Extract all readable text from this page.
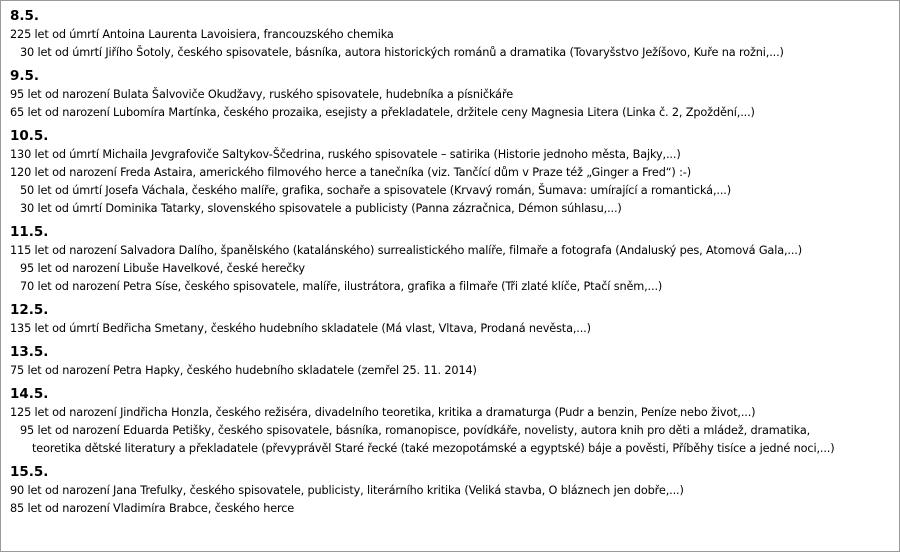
8.5.
225 let od úmrtí Antoina Laurenta Lavoisiera, francouzského chemika
30 let od úmrtí Jiřího Šotoly, českého spisovatele, básníka, autora historických románů a dramatika (Tovaryšstvo Ježíšovo, Kuře na rožni,...)
9.5.
95 let od narození Bulata Šalvoviče Okudžavy, ruského spisovatele, hudebníka a písničkáře
65 let od narození Lubomíra Martínka, českého prozaika, esejisty a překladatele, držitele ceny Magnesia Litera (Linka č. 2, Zpoždění,...)
10.5.
130 let od úmrtí Michaila Jevgrafoviče Saltykov-Ščedrina, ruského spisovatele – satirika (Historie jednoho města, Bajky,...)
120 let od narození Freda Astaira, amerického filmového herce a tanečníka (viz. Tančící dům v Praze též „Ginger a Fred“) :-)
50 let od úmrtí Josefa Váchala, českého malíře, grafika, sochaře a spisovatele (Krvavý román, Šumava: umírající a romantická,...)
30 let od úmrtí Dominika Tatarky, slovenského spisovatele a publicisty (Panna zázračnica, Démon súhlasu,...)
11.5.
115 let od narození Salvadora Dalího, španělského (katalánského) surrealistického malíře, filmaře a fotografa (Andaluský pes, Atomová Gala,...)
95 let od narození Libuše Havelkové, české herečky
70 let od narození Petra Síse, českého spisovatele, malíře, ilustrátora, grafika a filmaře (Tři zlaté klíče, Ptačí sněm,...)
12.5.
135 let od úmrtí Bedřicha Smetany, českého hudebního skladatele (Má vlast, Vltava, Prodaná nevěsta,...)
13.5.
75 let od narození Petra Hapky, českého hudebního skladatele (zemřel 25. 11. 2014)
14.5.
125 let od narození Jindřicha Honzla, českého režiséra, divadelního teoretika, kritika a dramaturga (Pudr a benzin, Peníze nebo život,...)
95 let od narození Eduarda Petišky, českého spisovatele, básníka, romanopisce, povídkáře, novelisty, autora knih pro děti a mládež, dramatika,
teoretika dětské literatury a překladatele (převyprávěl Staré řecké (také mezopotámské a egyptské) báje a pověsti, Příběhy tisíce a jedné noci,...)
15.5.
90 let od narození Jana Trefulky, českého spisovatele, publicisty, literárního kritika (Veliká stavba, O bláznech jen dobře,...)
85 let od narození Vladimíra Brabce, českého herce
